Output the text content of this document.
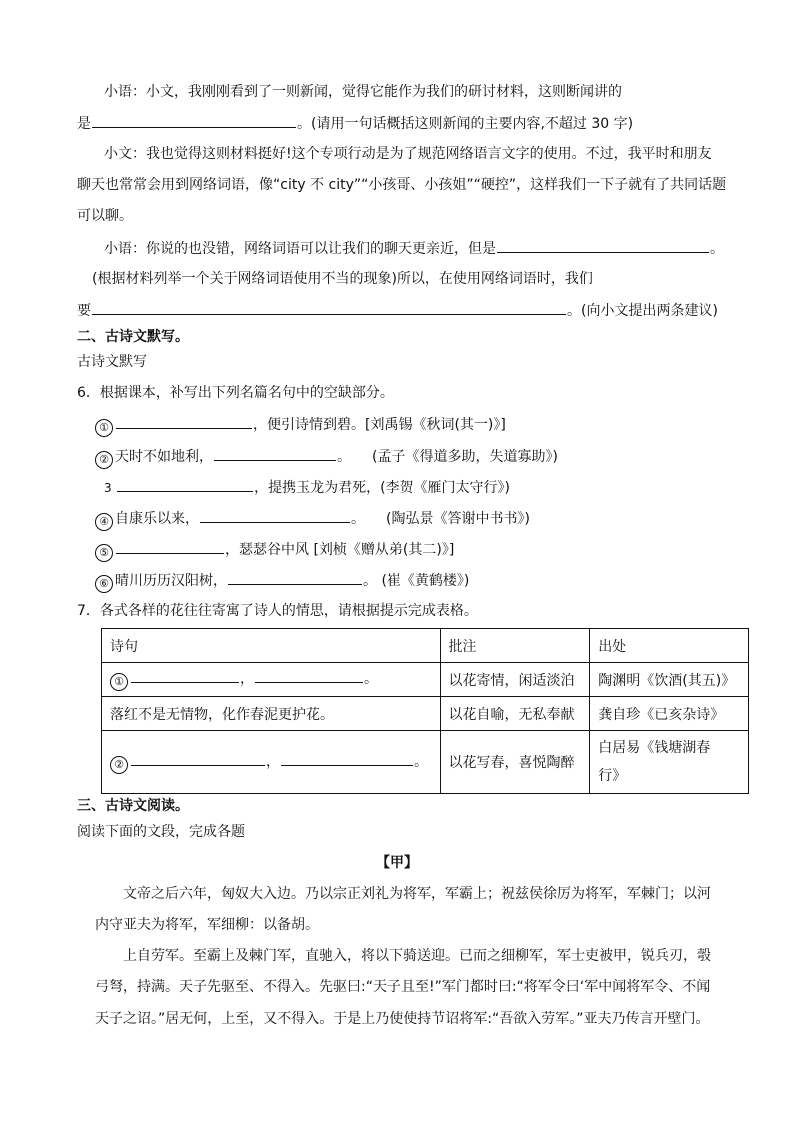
小语：小文，我刚刚看到了一则新闻，觉得它能作为我们的研讨材料，这则断闻讲的
是	。(请用一句话概括这则新闻的主要内容,不超过 30 字)
小文：我也觉得这则材料挺好!这个专项行动是为了规范网络语言文字的使用。不过，我平时和朋友
聊天也常常会用到网络词语，像“city 不 city”“小孩哥、小孩姐”“硬控”，这样我们一下子就有了共同话题
可以聊。
小语：你说的也没错，网络词语可以让我们的聊天更亲近，但是	。
(根据材料列举一个关于网络词语使用不当的现象)所以，在使用网络词语时，我们
要	。(向小文提出两条建议)
二、古诗文默写。
古诗文默写
6．根据课本，补写出下列名篇名句中的空缺部分。
①	，便引诗情到碧。[刘禹锡《秋词(其一)》]
② 天时不如地利，	。　　(孟子《得道多助，失道寡助》)
3	，提携玉龙为君死，(李贺《雁门太守行》)
④ 自康乐以来，	。　　(陶弘景《答谢中书书》)
⑤	，瑟瑟谷中风 [刘桢《赠从弟(其二)》]
⑥ 晴川历历汉阳树，	。 (崔《黄鹤楼》)
7．各式各样的花往往寄寓了诗人的情思，请根据提示完成表格。
诗句	批注	出处
① ， 。	以花寄情，闲适淡泊	陶渊明《饮酒(其五)》
落红不是无情物，化作春泥更护花。	以花自喻，无私奉献	龚自珍《已亥杂诗》
② ， 。	以花写春，喜悦陶醉	白居易《钱塘湖春
行》
三、古诗文阅读。
阅读下面的文段，完成各题
【甲】
文帝之后六年，匈奴大入边。乃以宗正刘礼为将军，军霸上；祝兹侯徐厉为将军，军棘门；以河
内守亚夫为将军，军细柳：以备胡。
上自劳军。至霸上及棘门军，直驰入，将以下骑送迎。已而之细柳军，军士吏被甲，锐兵刃，彀
弓弩，持满。天子先驱至、不得入。先驱曰:“天子且至!”军门都时曰:“将军令曰‘军中闻将军令、不闻
天子之诏。”居无何，上至，又不得入。于是上乃使使持节诏将军:“吾欲入劳军。”亚夫乃传言开壁门。
